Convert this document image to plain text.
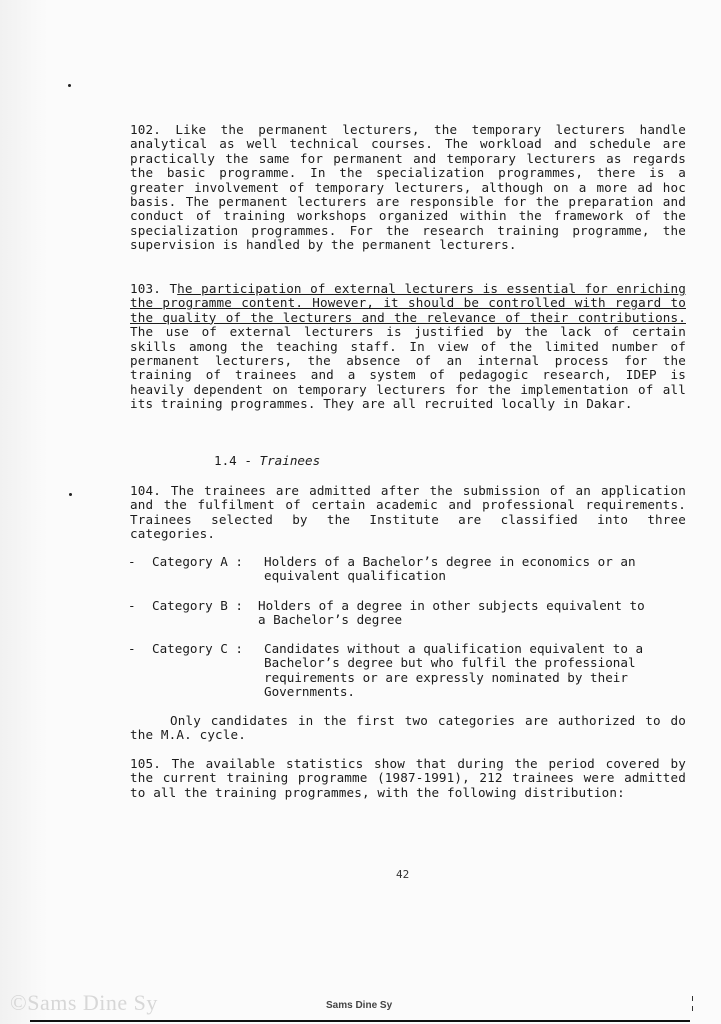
102. Like the permanent lecturers, the temporary lecturers handle analytical as well technical courses. The workload and schedule are practically the same for permanent and temporary lecturers as regards the basic programme. In the specialization programmes, there is a greater involvement of temporary lecturers, although on a more ad hoc basis. The permanent lecturers are responsible for the preparation and conduct of training workshops organized within the framework of the specialization programmes. For the research training programme, the supervision is handled by the permanent lecturers.
103. The participation of external lecturers is essential for enriching the programme content. However, it should be controlled with regard to the quality of the lecturers and the relevance of their contributions. The use of external lecturers is justified by the lack of certain skills among the teaching staff. In view of the limited number of permanent lecturers, the absence of an internal process for the training of trainees and a system of pedagogic research, IDEP is heavily dependent on temporary lecturers for the implementation of all its training programmes. They are all recruited locally in Dakar.
1.4 - Trainees
104. The trainees are admitted after the submission of an application and the fulfilment of certain academic and professional requirements. Trainees selected by the Institute are classified into three categories.
- Category A : Holders of a Bachelor’s degree in economics or an
equivalent qualification
- Category B : Holders of a degree in other subjects equivalent to
a Bachelor’s degree
- Category C : Candidates without a qualification equivalent to a
Bachelor’s degree but who fulfil the professional
requirements or are expressly nominated by their
Governments.
Only candidates in the first two categories are authorized to do the M.A. cycle.
105. The available statistics show that during the period covered by the current training programme (1987-1991), 212 trainees were admitted to all the training programmes, with the following distribution:
42
©Sams Dine Sy	Sams Dine Sy
